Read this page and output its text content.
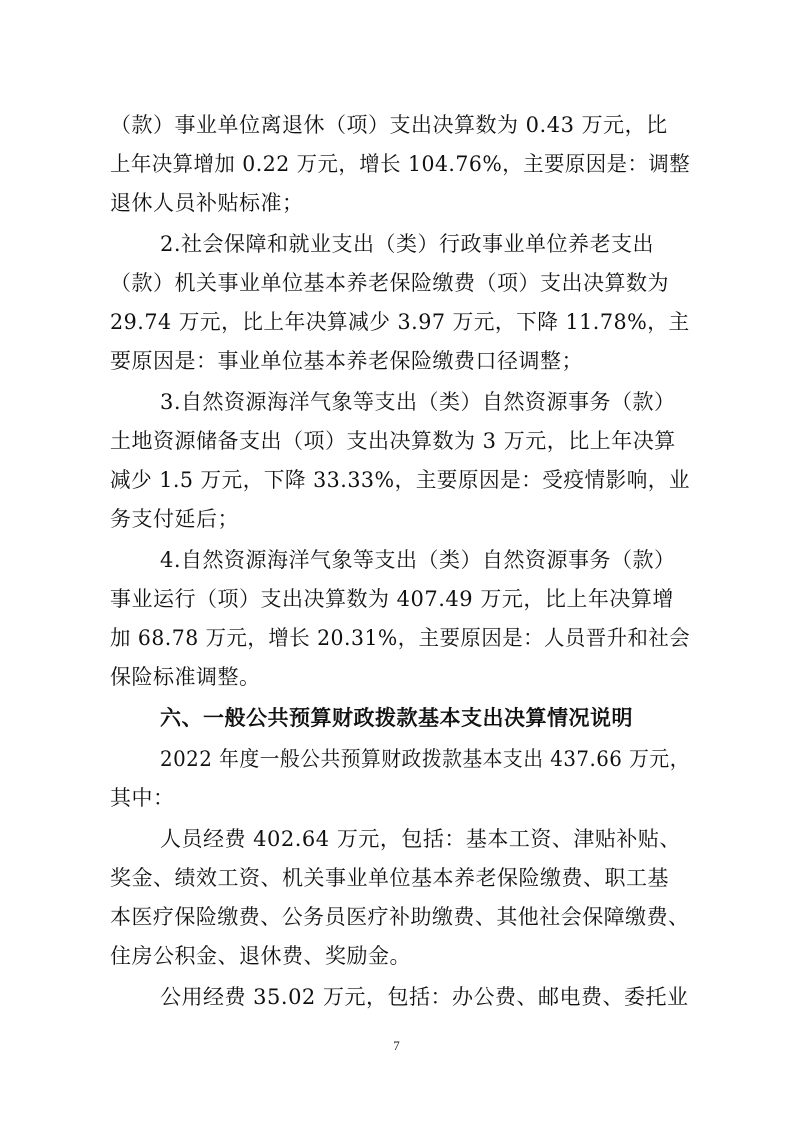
（款）事业单位离退休（项）支出决算数为 0.43 万元，比
上年决算增加 0.22 万元，增长 104.76%，主要原因是：调整
退休人员补贴标准；
2.社会保障和就业支出（类）行政事业单位养老支出
（款）机关事业单位基本养老保险缴费（项）支出决算数为
29.74 万元，比上年决算减少 3.97 万元，下降 11.78%，主
要原因是：事业单位基本养老保险缴费口径调整；
3.自然资源海洋气象等支出（类）自然资源事务（款）
土地资源储备支出（项）支出决算数为 3 万元，比上年决算
减少 1.5 万元，下降 33.33%，主要原因是：受疫情影响，业
务支付延后；
4.自然资源海洋气象等支出（类）自然资源事务（款）
事业运行（项）支出决算数为 407.49 万元，比上年决算增
加 68.78 万元，增长 20.31%，主要原因是：人员晋升和社会
保险标准调整。
六、一般公共预算财政拨款基本支出决算情况说明
2022 年度一般公共预算财政拨款基本支出 437.66 万元，
其中：
人员经费 402.64 万元，包括：基本工资、津贴补贴、
奖金、绩效工资、机关事业单位基本养老保险缴费、职工基
本医疗保险缴费、公务员医疗补助缴费、其他社会保障缴费、
住房公积金、退休费、奖励金。
公用经费 35.02 万元，包括：办公费、邮电费、委托业
7
